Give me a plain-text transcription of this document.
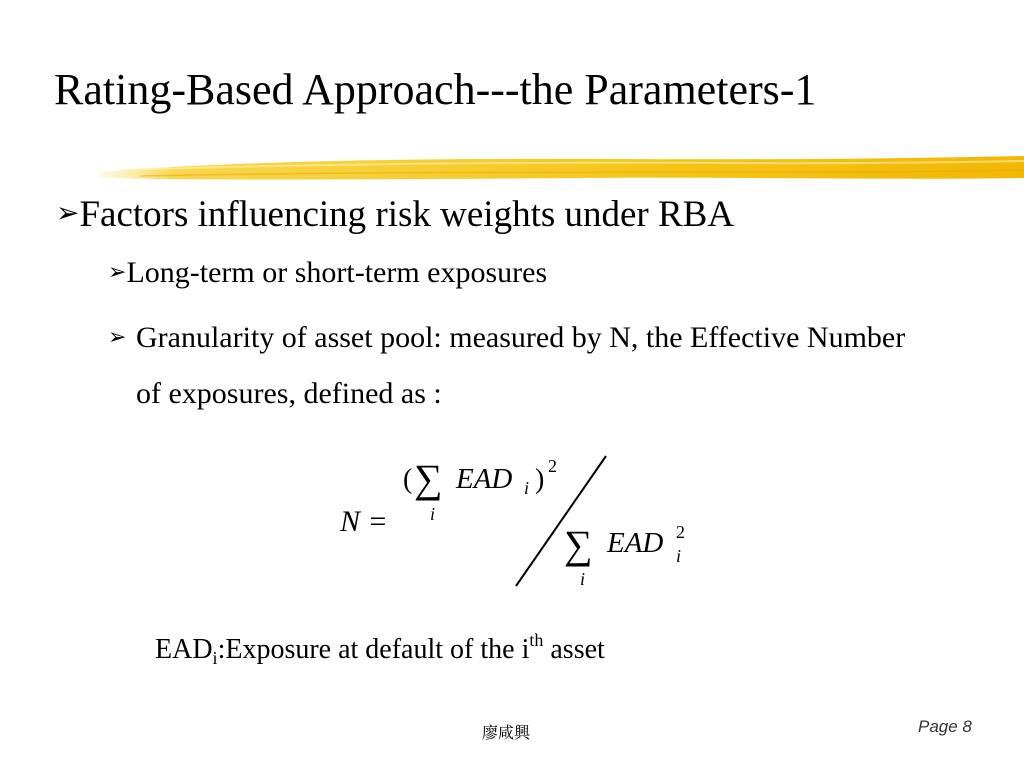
Rating-Based Approach---the Parameters-1
➢Factors influencing risk weights under RBA
➢Long-term or short-term exposures
➢ Granularity of asset pool: measured by N, the Effective Number of exposures, defined as :
N =
( ∑
i
EAD i ) 2
∑
i
EAD 2
i
$EAD_i:Exposure$ at default of the $i^{th}$ asset
廖咸興	Page 8
